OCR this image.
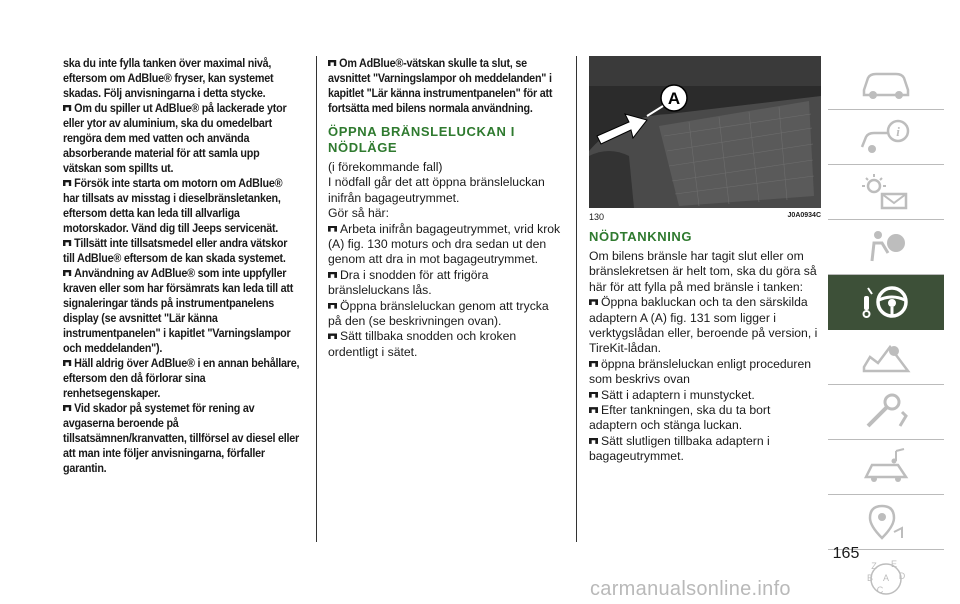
ska du inte fylla tanken över maximal nivå, eftersom om AdBlue® fryser, kan systemet skadas. Följ anvisningarna i detta stycke.

Om du spiller ut AdBlue® på lackerade ytor eller ytor av aluminium, ska du omedelbart rengöra dem med vatten och använda absorberande material för att samla upp vätskan som spillts ut.
Försök inte starta om motorn om AdBlue® har tillsats av misstag i dieselbränsletanken, eftersom detta kan leda till allvarliga motorskador. Vänd dig till Jeeps servicenät.
Tillsätt inte tillsatsmedel eller andra vätskor till AdBlue® eftersom de kan skada systemet.
Användning av AdBlue® som inte uppfyller kraven eller som har försämrats kan leda till att signaleringar tänds på instrumentpanelens display (se avsnittet "Lär känna instrumentpanelen" i kapitlet "Varningslampor och meddelanden").
Häll aldrig över AdBlue® i en annan behållare, eftersom den då förlorar sina renhetsegenskaper.
Vid skador på systemet för rening av avgaserna beroende på tillsatsämnen/kranvatten, tillförsel av diesel eller att man inte följer anvisningarna, förfaller garantin.
Om AdBlue®-vätskan skulle ta slut, se avsnittet "Varningslampor oh meddelanden" i kapitlet "Lär känna instrumentpanelen" för att fortsätta med bilens normala användning.
ÖPPNA BRÄNSLELUCKAN I NÖDLÄGE

(i förekommande fall)

I nödfall går det att öppna bränsleluckan inifrån bagageutrymmet.

Gör så här:

Arbeta inifrån bagageutrymmet, vrid krok (A) fig. 130 moturs och dra sedan ut den genom att dra in mot bagageutrymmet.

Dra i snodden för att frigöra bränsleluckans lås.

Öppna bränsleluckan genom att trycka på den (se beskrivningen ovan).

Sätt tillbaka snodden och kroken ordentligt i sätet.

A
130	J0A0934C
NÖDTANKNING

Om bilens bränsle har tagit slut eller om bränslekretsen är helt tom, ska du göra så här för att fylla på med bränsle i tanken:

Öppna bakluckan och ta den särskilda adaptern A (A) fig. 131 som ligger i verktygslådan eller, beroende på version, i TireKit-lådan.

öppna bränsleluckan enligt proceduren som beskrivs ovan

Sätt i adaptern i munstycket.

Efter tankningen, ska du ta bort adaptern och stänga luckan.

Sätt slutligen tillbaka adaptern i bagageutrymmet.

i
Z E
B A D
C
165
carmanualsonline.info
